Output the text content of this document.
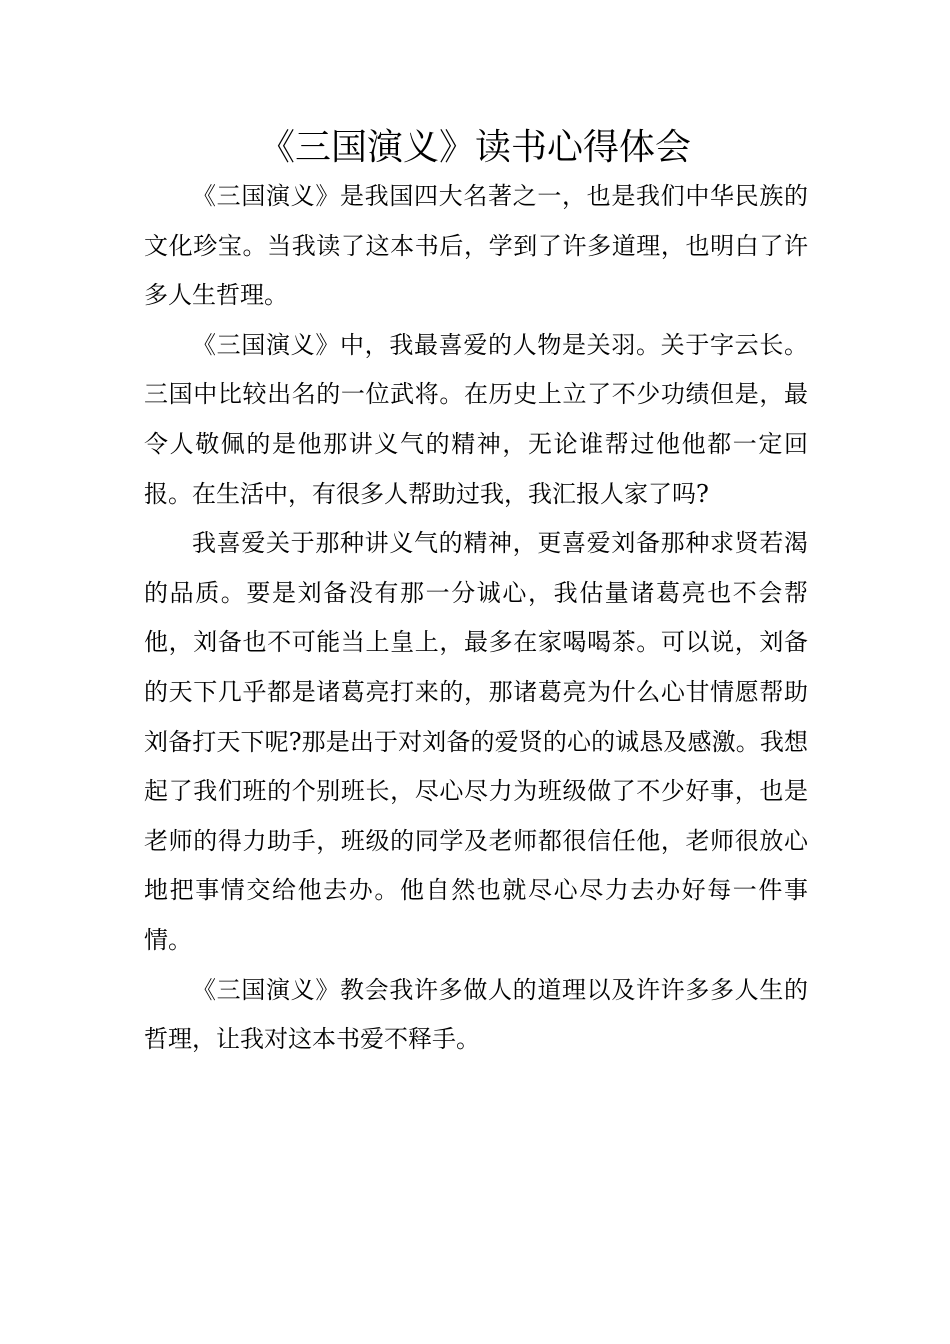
《三国演义》读书心得体会

《三国演义》是我国四大名著之一，也是我们中华民族的文化珍宝。当我读了这本书后，学到了许多道理，也明白了许多人生哲理。

《三国演义》中，我最喜爱的人物是关羽。关于字云长。三国中比较出名的一位武将。在历史上立了不少功绩但是，最令人敬佩的是他那讲义气的精神，无论谁帮过他他都一定回报。在生活中，有很多人帮助过我，我汇报人家了吗?

我喜爱关于那种讲义气的精神，更喜爱刘备那种求贤若渴的品质。要是刘备没有那一分诚心，我估量诸葛亮也不会帮他，刘备也不可能当上皇上，最多在家喝喝茶。可以说，刘备的天下几乎都是诸葛亮打来的，那诸葛亮为什么心甘情愿帮助刘备打天下呢?那是出于对刘备的爱贤的心的诚恳及感激。我想起了我们班的个别班长，尽心尽力为班级做了不少好事，也是老师的得力助手，班级的同学及老师都很信任他，老师很放心地把事情交给他去办。他自然也就尽心尽力去办好每一件事情。

《三国演义》教会我许多做人的道理以及许许多多人生的哲理，让我对这本书爱不释手。
